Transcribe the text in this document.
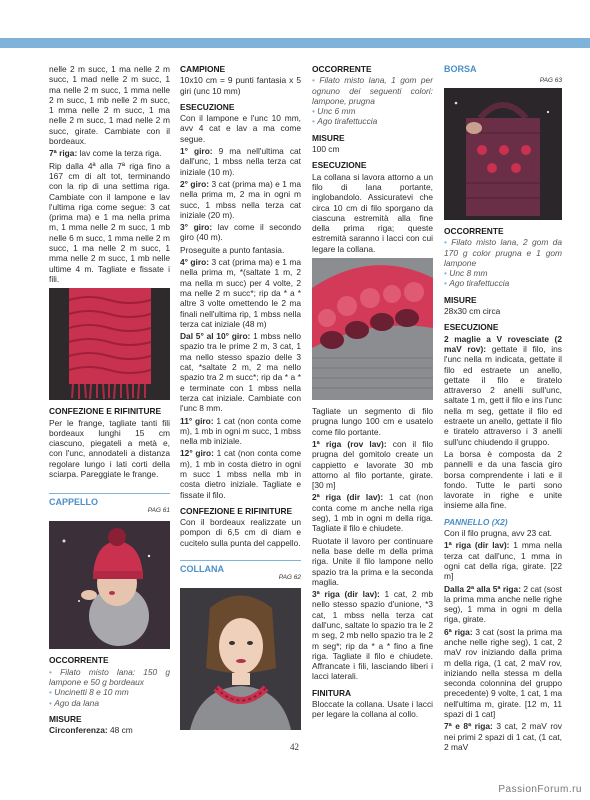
nelle 2 m succ, 1 ma nelle 2 m succ, 1 mad nelle 2 m succ, 1 ma nelle 2 m succ, 1 mma nelle 2 m succ, 1 mb nelle 2 m succ, 1 mma nelle 2 m succ, 1 ma nelle 2 m succ, 1 mad nelle 2 m succ, girate. Cambiate con il bordeaux.

7ª riga: lav come la terza riga.

Rip dalla 4ª alla 7ª riga fino a 167 cm di alt tot, terminando con la rip di una settima riga. Cambiate con il lampone e lav l'ultima riga come segue: 3 cat (prima ma) e 1 ma nella prima m, 1 mma nelle 2 m succ, 1 mb nelle 6 m succ, 1 mma nelle 2 m succ, 1 ma nelle 2 m succ, 1 mma nelle 2 m succ, 1 mb nelle ultime 4 m. Tagliate e fissate i fili.

CONFEZIONE E RIFINITURE

Per le frange, tagliate tanti fili bordeaux lunghi 15 cm ciascuno, piegateli a metà e, con l'unc, annodateli a distanza regolare lungo i lati corti della sciarpa. Pareggiate le frange.

CAPPELLO
PAG 61
OCCORRENTE
• Filato misto lana: 150 g lampone e 50 g bordeaux
• Uncinetti 8 e 10 mm
• Ago da lana
MISURE

Circonferenza: 48 cm

CAMPIONE

10x10 cm = 9 punti fantasia x 5 giri (unc 10 mm)

ESECUZIONE

Con il lampone e l'unc 10 mm, avv 4 cat e lav a ma come segue.

1° giro: 9 ma nell'ultima cat dall'unc, 1 mbss nella terza cat iniziale (10 m).

2° giro: 3 cat (prima ma) e 1 ma nella prima m, 2 ma in ogni m succ, 1 mbss nella terza cat iniziale (20 m).

3° giro: lav come il secondo giro (40 m).

Proseguite a punto fantasia.

4° giro: 3 cat (prima ma) e 1 ma nella prima m, *(saltate 1 m, 2 ma nella m succ) per 4 volte, 2 ma nelle 2 m succ*; rip da * a * altre 3 volte omettendo le 2 ma finali nell'ultima rip, 1 mbss nella terza cat iniziale (48 m)

Dal 5° al 10° giro: 1 mbss nello spazio tra le prime 2 m, 3 cat, 1 ma nello stesso spazio delle 3 cat, *saltate 2 m, 2 ma nello spazio tra 2 m succ*; rip da * a * e terminate con 1 mbss nella terza cat iniziale. Cambiate con l'unc 8 mm.

11° giro: 1 cat (non conta come m), 1 mb in ogni m succ, 1 mbss nella mb iniziale.

12° giro: 1 cat (non conta come m), 1 mb in costa dietro in ogni m succ 1 mbss nella mb in costa dietro iniziale. Tagliate e fissate il filo.

CONFEZIONE E RIFINITURE

Con il bordeaux realizzate un pompon di 6,5 cm di diam e cucitelo sulla punta del cappello.

COLLANA
PAG 62
OCCORRENTE
• Filato misto lana, 1 gom per ognuno dei seguenti colori: lampone, prugna
• Unc 6 mm
• Ago tirafettuccia
MISURE

100 cm

ESECUZIONE

La collana si lavora attorno a un filo di lana portante, inglobandolo. Assicuratevi che circa 10 cm di filo sporgano da ciascuna estremità alla fine della prima riga; queste estremità saranno i lacci con cui legare la collana.

Tagliate un segmento di filo prugna lungo 100 cm e usatelo come filo portante.

1ª riga (rov lav): con il filo prugna del gomitolo create un cappietto e lavorate 30 mb attorno al filo portante, girate. [30 m]

2ª riga (dir lav): 1 cat (non conta come m anche nella riga seg), 1 mb in ogni m della riga. Tagliate il filo e chiudete.

Ruotate il lavoro per continuare nella base delle m della prima riga. Unite il filo lampone nello spazio tra la prima e la seconda maglia.

3ª riga (dir lav): 1 cat, 2 mb nello stesso spazio d'unione, *3 cat, 1 mbss nella terza cat dall'unc, saltate lo spazio tra le 2 m seg, 2 mb nello spazio tra le 2 m seg*; rip da * a * fino a fine riga. Tagliate il filo e chiudete. Affrancate i fili, lasciando liberi i lacci laterali.

FINITURA

Bloccate la collana. Usate i lacci per legare la collana al collo.

BORSA
PAG 63
OCCORRENTE
• Filato misto lana, 2 gom da 170 g color prugna e 1 gom lampone
• Unc 8 mm
• Ago tirafettuccia
MISURE

28x30 cm circa

ESECUZIONE

2 maglie a V rovesciate (2 maV rov): gettate il filo, ins l'unc nella m indicata, gettate il filo ed estraete un anello, gettate il filo e tiratelo attraverso 2 anelli sull'unc, saltate 1 m, gett il filo e ins l'unc nella m seg, gettate il filo ed estraete un anello, gettate il filo e tiratelo attraverso i 3 anelli sull'unc chiudendo il gruppo.

La borsa è composta da 2 pannelli e da una fascia giro borsa comprendente i lati e il fondo. Tutte le parti sono lavorate in righe e unite insieme alla fine.

PANNELLO (X2)

Con il filo prugna, avv 23 cat.

1ª riga (dir lav): 1 mma nella terza cat dall'unc, 1 mma in ogni cat della riga, girate. [22 m]

Dalla 2ª alla 5ª riga: 2 cat (sost la prima mma anche nelle righe seg), 1 mma in ogni m della riga, girate.

6ª riga: 3 cat (sost la prima ma anche nelle righe seg), 1 cat, 2 maV rov iniziando dalla prima m della riga, (1 cat, 2 maV rov, iniziando nella stessa m della seconda colonnina del gruppo precedente) 9 volte, 1 cat, 1 ma nell'ultima m, girate. [12 m, 11 spazi di 1 cat]

7ª e 8ª riga: 3 cat, 2 maV rov nei primi 2 spazi di 1 cat, (1 cat, 2 maV

42
PassionForum.ru
